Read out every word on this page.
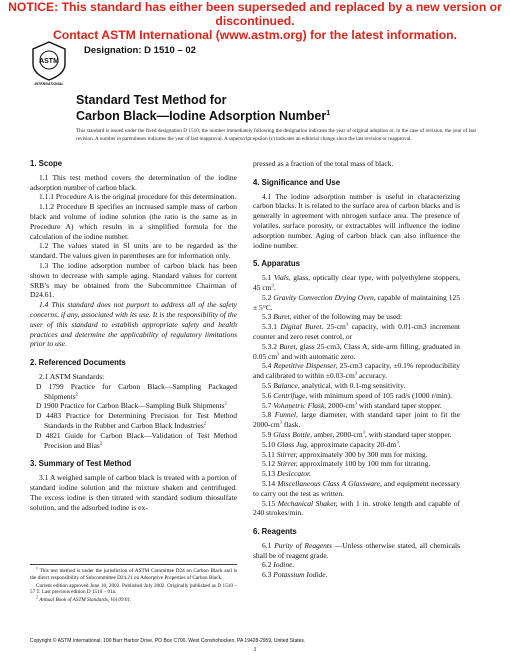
NOTICE: This standard has either been superseded and replaced by a new version or discontinued.
Contact ASTM International (www.astm.org) for the latest information.
ASTM
INTERNATIONAL
Designation: D 1510 – 02
Standard Test Method for
Carbon Black—Iodine Adsorption Number$^1$
This standard is issued under the fixed designation D 1510; the number immediately following the designation indicates the year of original adoption or, in the case of revision, the year of last revision. A number in parentheses indicates the year of last reapproval. A superscript epsilon (ε) indicates an editorial change since the last revision or reapproval.

1. Scope

1.1 This test method covers the determination of the iodine adsorption number of carbon black.

1.1.1 Procedure A is the original procedure for this determination.

1.1.2 Procedure B specifies an increased sample mass of carbon black and volume of iodine solution (the ratio is the same as in Procedure A) which results in a simplified formula for the calculation of the iodine number.

1.2 The values stated in SI units are to be regarded as the standard. The values given in parentheses are for information only.

1.3 The iodine adsorption number of carbon black has been shown to decrease with sample aging. Standard values for current SRB’s may be obtained from the Subcommittee Chairman of D24.61.

1.4 This standard does not purport to address all of the safety concerns, if any, associated with its use. It is the responsibility of the user of this standard to establish appropriate safety and health practices and determine the applicability of regulatory limitations prior to use.

2. Referenced Documents

2.1 ASTM Standards:

D 1799 Practice for Carbon Black—Sampling Packaged Shipments$^2$

D 1900 Practice for Carbon Black—Sampling Bulk Shipments$^2$

D 4483 Practice for Determining Precision for Test Method Standards in the Rubber and Carbon Black Industries$^2$

D 4821 Guide for Carbon Black—Validation of Test Method Precision and Bias$^2$

3. Summary of Test Method

3.1 A weighed sample of carbon black is treated with a portion of standard iodine solution and the mixture shaken and centrifuged. The excess iodine is then titrated with standard sodium thiosulfate solution, and the adsorbed iodine is ex-

pressed as a fraction of the total mass of black.

4. Significance and Use

4.1 The iodine adsorption number is useful in characterizing carbon blacks. It is related to the surface area of carbon blacks and is generally in agreement with nitrogen surface area. The presence of volatiles, surface porosity, or extractables will influence the iodine adsorption number. Aging of carbon black can also influence the iodine number.

5. Apparatus

5.1 Vials, glass, optically clear type, with polyethylene stoppers, 45 $cm^3$.

5.2 Gravity Convection Drying Oven, capable of maintaining 125 ± 5°C.

5.3 Buret, either of the following may be used:

5.3.1 Digital Buret. $25-cm^3$ capacity, with 0.01-cm3 increment counter and zero reset control, or

5.3.2 Buret, glass 25-cm3, Class A, side-arm filling, graduated in 0.05 $cm^3$ and with automatic zero.

5.4 Repetitive Dispenser, 25-cm3 capacity, ±0.1% reproducibility and calibrated to within $\pm 0.03-cm^3$ accuracy.

5.5 Balance, analytical, with 0.1-mg sensitivity.

5.6 Centrifuge, with minimum speed of 105 rad/s (1000 r/min).

5.7 Volumetric Flask, $2000-cm^3$ with standard taper stopper.

5.8 Funnel, large diameter, with standard taper joint to fit the $2000-cm^3$ flask.

5.9 Glass Bottle, amber, $2000-cm^3$, with standard taper stopper.

5.10 Glass Jug, approximate capacity $20-dm^3$.

5.11 Stirrer, approximately 300 by 300 mm for mixing.

5.12 Stirrer, approximately 100 by 100 mm for titrating.

5.13 Desiccator.

5.14 Miscellaneous Class A Glassware, and equipment necessary to carry out the test as written.

5.15 Mechanical Shaker, with 1 in. stroke length and capable of 240 strokes/min.

6. Reagents

6.1 Purity of Reagents —Unless otherwise stated, all chemicals shall be of reagent grade.

6.2 Iodine.

6.3 Potassium Iodide.

$^1$ This test method is under the jurisdiction of ASTM Committee D24 on Carbon Black and is the direct responsibility of Subcommittee D24.21 on Adsorptive Properties of Carbon Black.

Current edition approved June 10, 2002. Published July 2002. Originally published as D 1510 – 57 T. Last previous edition D 1510 – 01a.

$^2$ Annual Book of ASTM Standards, Vol 09.01.

Copyright © ASTM International, 100 Barr Harbor Drive, PO Box C700, West Conshohocken, PA 19428-2959, United States.
1
